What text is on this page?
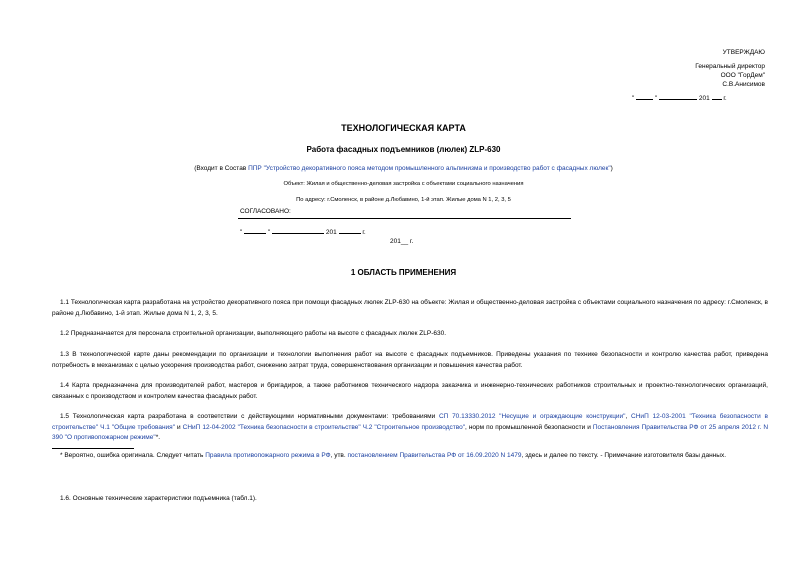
УТВЕРЖДАЮ
Генеральный директор
ООО "ГорДем"
С.В.Анисимов
"	"	201 г.
ТЕХНОЛОГИЧЕСКАЯ КАРТА
Работа фасадных подъемников (люлек) ZLP-630
(Входит в Состав ППР "Устройство декоративного пояса методом промышленного альпинизма и производство работ с фасадных люлек")
Объект: Жилая и общественно-деловая застройка с объектами социального назначения
По адресу: г.Смоленск, в районе д.Любавино, 1-й этап. Жилые дома N 1, 2, 3, 5
СОГЛАСОВАНО:
"	"	201	г.
201__ г.
1 ОБЛАСТЬ ПРИМЕНЕНИЯ
1.1 Технологическая карта разработана на устройство декоративного пояса при помощи фасадных люлек ZLP-630 на объекте: Жилая и общественно-деловая застройка с объектами социального назначения по адресу: г.Смоленск, в районе д.Любавино, 1-й этап. Жилые дома N 1, 2, 3, 5.
1.2 Предназначается для персонала строительной организации, выполняющего работы на высоте с фасадных люлек ZLP-630.
1.3 В технологической карте даны рекомендации по организации и технологии выполнения работ на высоте с фасадных подъемников. Приведены указания по технике безопасности и контролю качества работ, приведена потребность в механизмах с целью ускорения производства работ, снижению затрат труда, совершенствования организации и повышения качества работ.
1.4 Карта предназначена для производителей работ, мастеров и бригадиров, а также работников технического надзора заказчика и инженерно-технических работников строительных и проектно-технологических организаций, связанных с производством и контролем качества фасадных работ.
1.5 Технологическая карта разработана в соответствии с действующими нормативными документами: требованиями СП 70.13330.2012 "Несущие и ограждающие конструкции", СНиП 12-03-2001 "Техника безопасности в строительстве" Ч.1 "Общие требования" и СНиП 12-04-2002 "Техника безопасности в строительстве" Ч.2 "Строительное производство", норм по промышленной безопасности и Постановления Правительства РФ от 25 апреля 2012 г. N 390 "О противопожарном режиме"*.
* Вероятно, ошибка оригинала. Следует читать Правила противопожарного режима в РФ, утв. постановлением Правительства РФ от 16.09.2020 N 1479, здесь и далее по тексту. - Примечание изготовителя базы данных.
1.6. Основные технические характеристики подъемника (табл.1).
